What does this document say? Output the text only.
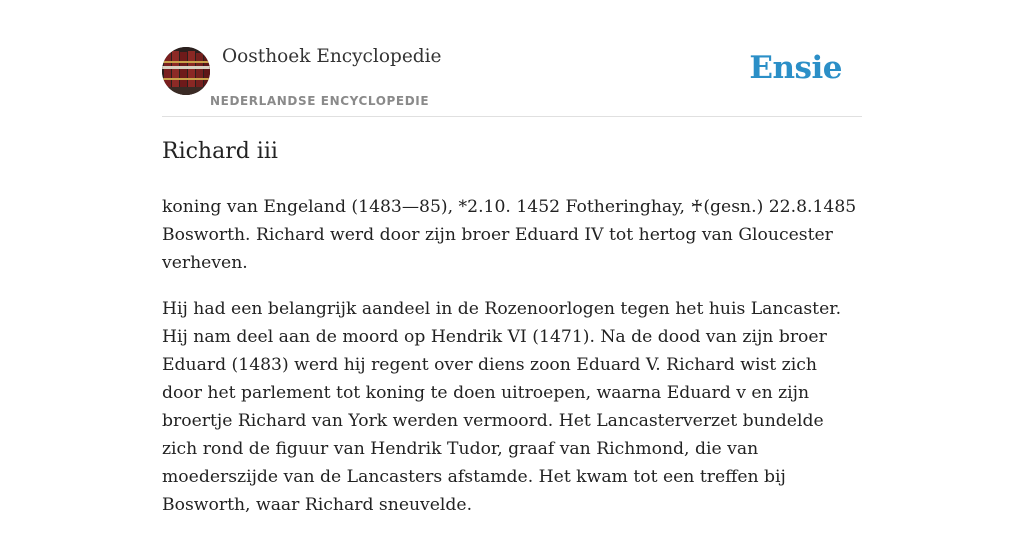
Oosthoek Encyclopedie
NEDERLANDSE ENCYCLOPEDIE
Ensie
Richard iii

koning van Engeland (1483—85), *2.10. 1452 Fotheringhay, ♰(gesn.) 22.8.1485 Bosworth. Richard werd door zijn broer Eduard IV tot hertog van Gloucester verheven.

Hij had een belangrijk aandeel in de Rozenoorlogen tegen het huis Lancaster. Hij nam deel aan de moord op Hendrik VI (1471). Na de dood van zijn broer Eduard (1483) werd hij regent over diens zoon Eduard V. Richard wist zich door het parlement tot koning te doen uitroepen, waarna Eduard v en zijn broertje Richard van York werden vermoord. Het Lancasterverzet bundelde zich rond de figuur van Hendrik Tudor, graaf van Richmond, die van moederszijde van de Lancasters afstamde. Het kwam tot een treffen bij Bosworth, waar Richard sneuvelde.
